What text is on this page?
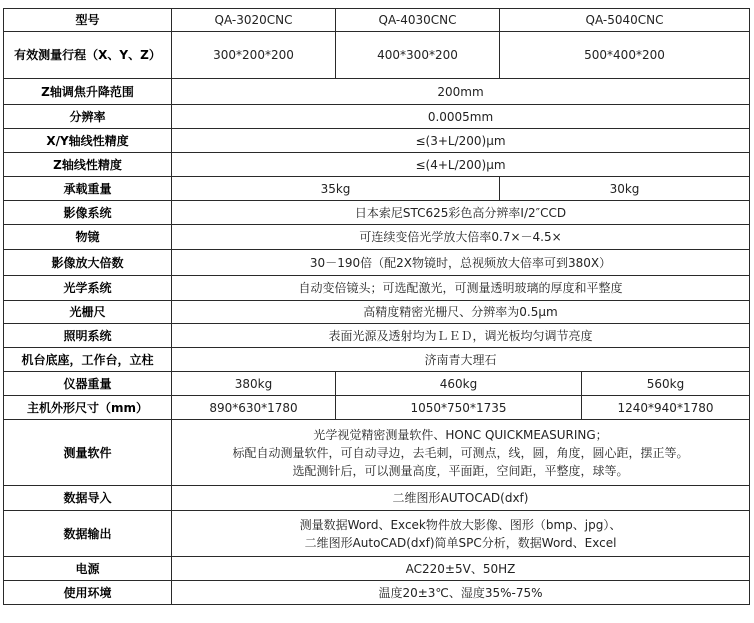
型号	QA-3020CNC	QA-4030CNC	QA-5040CNC	
有效测量行程（X、Y、Z）	300*200*200	400*300*200	500*400*200	
Z轴调焦升降范围	200mm			
分辨率	0.0005mm			
X/Y轴线性精度	≤(3+L/200)μm			
Z轴线性精度	≤(4+L/200)μm			
承载重量	35kg		30kg	
影像系统	日本索尼STC625彩色高分辨率I/2″CCD			
物镜	可连续变倍光学放大倍率0.7×－4.5×			
影像放大倍数	30－190倍（配2X物镜时，总视频放大倍率可到380X）			
光学系统	自动变倍镜头；可选配激光，可测量透明玻璃的厚度和平整度			
光栅尺	高精度精密光栅尺、分辨率为0.5μm			
照明系统	表面光源及透射均为ＬＥＤ，调光板均匀调节亮度			
机台底座，工作台，立柱	济南青大理石			
仪器重量	380kg	460kg		560kg
主机外形尺寸（mm）	890*630*1780	1050*750*1735		1240*940*1780
测量软件	光学视觉精密测量软件、HONC QUICKMEASURING；
标配自动测量软件，可自动寻边，去毛刺，可测点，线，圆，角度，圆心距，摆正等。
选配测针后，可以测量高度，平面距，空间距，平整度，球等。			

数据导入	二维图形AUTOCAD(dxf)			
数据输出	测量数据Word、Excek物件放大影像、图形（bmp、jpg）、
二维图形AutoCAD(dxf)简单SPC分析，数据Word、Excel			

电源	AC220±5V、50HZ			
使用环境	温度20±3℃、湿度35%-75%			
